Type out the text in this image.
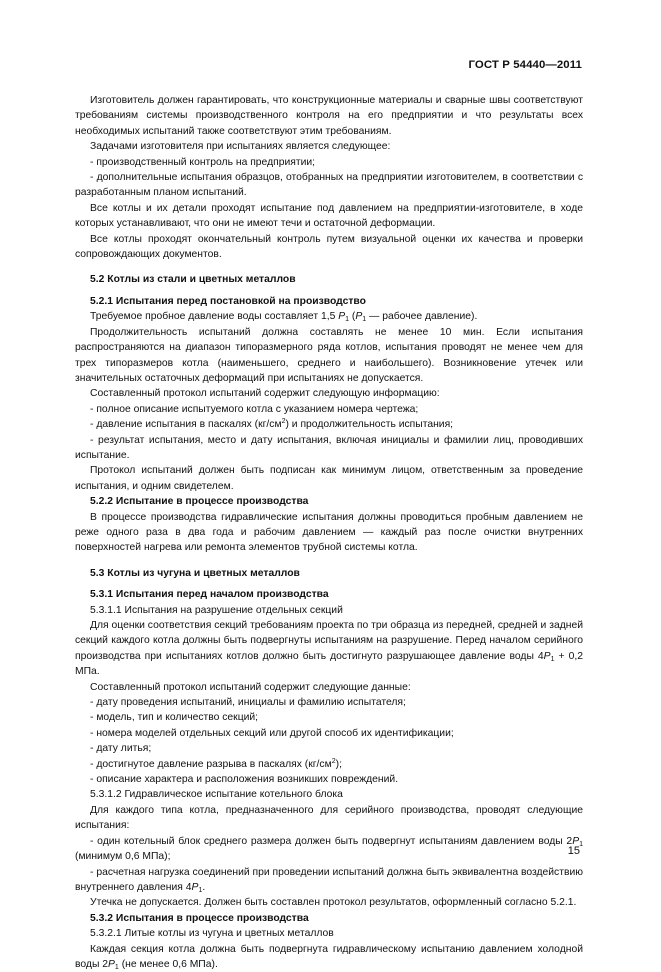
ГОСТ Р 54440—2011

Изготовитель должен гарантировать, что конструкционные материалы и сварные швы соответствуют требованиям системы производственного контроля на его предприятии и что результаты всех необходимых испытаний также соответствуют этим требованиям.

Задачами изготовителя при испытаниях является следующее:

- производственный контроль на предприятии;

- дополнительные испытания образцов, отобранных на предприятии изготовителем, в соответствии с разработанным планом испытаний.

Все котлы и их детали проходят испытание под давлением на предприятии-изготовителе, в ходе которых устанавливают, что они не имеют течи и остаточной деформации.

Все котлы проходят окончательный контроль путем визуальной оценки их качества и проверки сопровождающих документов.

5.2 Котлы из стали и цветных металлов

5.2.1 Испытания перед постановкой на производство

Требуемое пробное давление воды составляет 1,5 $P_1$ ($P_1$ — рабочее давление).

Продолжительность испытаний должна составлять не менее 10 мин. Если испытания распространяются на диапазон типоразмерного ряда котлов, испытания проводят не менее чем для трех типоразмеров котла (наименьшего, среднего и наибольшего). Возникновение утечек или значительных остаточных деформаций при испытаниях не допускается.

Составленный протокол испытаний содержит следующую информацию:

- полное описание испытуемого котла с указанием номера чертежа;

- давление испытания в паскалях $(кг/см^2)$ и продолжительность испытания;

- результат испытания, место и дату испытания, включая инициалы и фамилии лиц, проводивших испытание.

Протокол испытаний должен быть подписан как минимум лицом, ответственным за проведение испытания, и одним свидетелем.

5.2.2 Испытание в процессе производства

В процессе производства гидравлические испытания должны проводиться пробным давлением не реже одного раза в два года и рабочим давлением — каждый раз после очистки внутренних поверхностей нагрева или ремонта элементов трубной системы котла.

5.3 Котлы из чугуна и цветных металлов

5.3.1 Испытания перед началом производства

5.3.1.1 Испытания на разрушение отдельных секций

Для оценки соответствия секций требованиям проекта по три образца из передней, средней и задней секций каждого котла должны быть подвергнуты испытаниям на разрушение. Перед началом серийного производства при испытаниях котлов должно быть достигнуто разрушающее давление воды $4P_1 + 0,2$ МПа.

Составленный протокол испытаний содержит следующие данные:

- дату проведения испытаний, инициалы и фамилию испытателя;

- модель, тип и количество секций;

- номера моделей отдельных секций или другой способ их идентификации;

- дату литья;

- достигнутое давление разрыва в паскалях $(кг/см^2)$;

- описание характера и расположения возникших повреждений.

5.3.1.2 Гидравлическое испытание котельного блока

Для каждого типа котла, предназначенного для серийного производства, проводят следующие испытания:

- один котельный блок среднего размера должен быть подвергнут испытаниям давлением воды $2P_1$ (минимум 0,6 МПа);

- расчетная нагрузка соединений при проведении испытаний должна быть эквивалентна воздействию внутреннего давления $4P_1$.

Утечка не допускается. Должен быть составлен протокол результатов, оформленный согласно 5.2.1.

5.3.2 Испытания в процессе производства

5.3.2.1 Литые котлы из чугуна и цветных металлов

Каждая секция котла должна быть подвергнута гидравлическому испытанию давлением холодной воды $2P_1$ (не менее 0,6 МПа).

15
